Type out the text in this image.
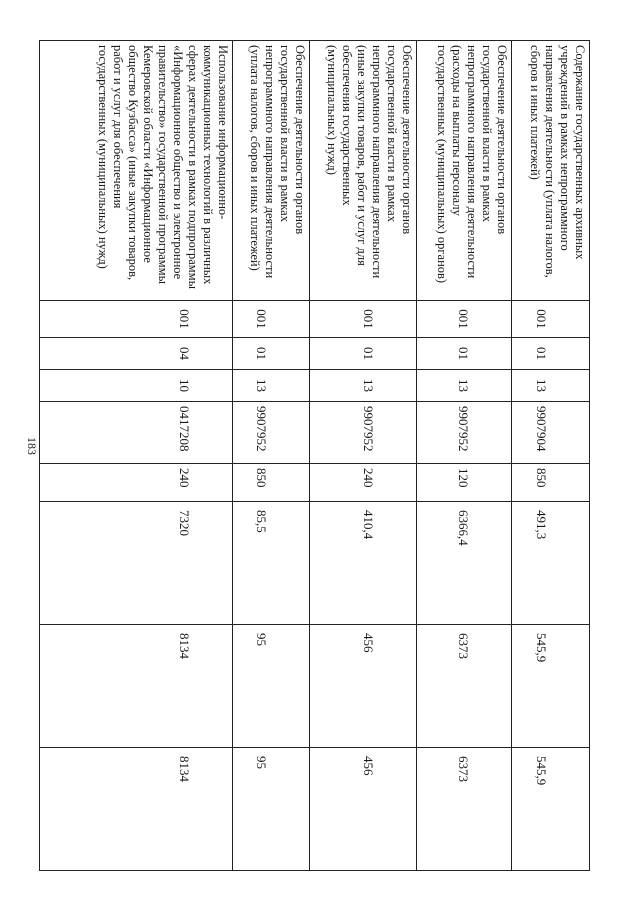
183
Содержание государственных архивных учреждений в рамках непрограммного направления деятельности (уплата налогов, сборов и иных платежей)	001	01	13	9907904	850	491,3	545,9	545,9
Обеспечение деятельности органов государственной власти в рамках непрограммного направления деятельности (расходы на выплаты персоналу государственных (муниципальных) органов)	001	01	13	9907952	120	6366,4	6373	6373
Обеспечение деятельности органов государственной власти в рамках непрограммного направления деятельности (иные закупки товаров, работ и услуг для обеспечения государственных (муниципальных) нужд)	001	01	13	9907952	240	410,4	456	456
Обеспечение деятельности органов государственной власти в рамках непрограммного направления деятельности (уплата налогов, сборов и иных платежей)	001	01	13	9907952	850	85,5	95	95
Использование информационно-коммуникационных технологий в различных сферах деятельности в рамках подпрограммы «Информационное общество и электронное правительство» государственной программы Кемеровской области «Информационное общество Кузбасса» (иные закупки товаров, работ и услуг для обеспечения государственных (муниципальных) нужд)	001	04	10	0417208	240	7320	8134	8134
